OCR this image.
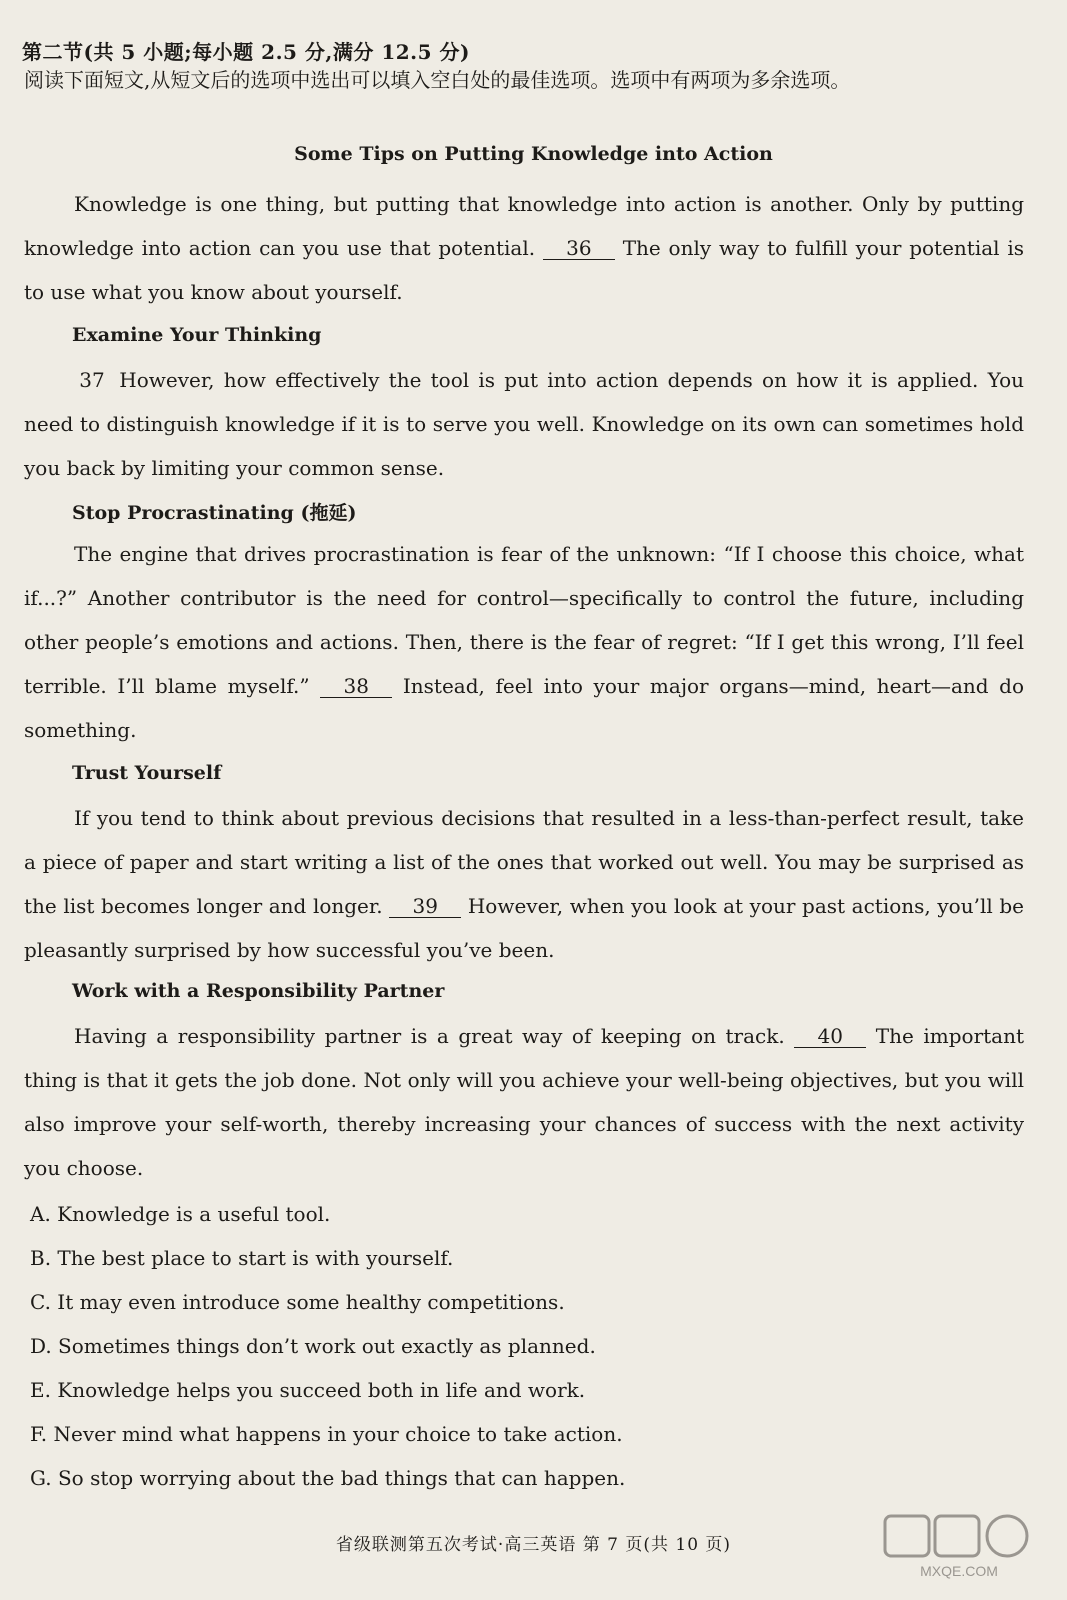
第二节(共 5 小题;每小题 2.5 分,满分 12.5 分)
阅读下面短文,从短文后的选项中选出可以填入空白处的最佳选项。选项中有两项为多余选项。
Some Tips on Putting Knowledge into Action

Knowledge is one thing, but putting that knowledge into action is another. Only by putting knowledge into action can you use that potential. 36 The only way to fulfill your potential is to use what you know about yourself.

Examine Your Thinking

37 However, how effectively the tool is put into action depends on how it is applied. You need to distinguish knowledge if it is to serve you well. Knowledge on its own can sometimes hold you back by limiting your common sense.

Stop Procrastinating (拖延)

The engine that drives procrastination is fear of the unknown: “If I choose this choice, what if...?” Another contributor is the need for control—specifically to control the future, including other people’s emotions and actions. Then, there is the fear of regret: “If I get this wrong, I’ll feel terrible. I’ll blame myself.” 38 Instead, feel into your major organs—mind, heart—and do something.

Trust Yourself

If you tend to think about previous decisions that resulted in a less-than-perfect result, take a piece of paper and start writing a list of the ones that worked out well. You may be surprised as the list becomes longer and longer. 39 However, when you look at your past actions, you’ll be pleasantly surprised by how successful you’ve been.

Work with a Responsibility Partner

Having a responsibility partner is a great way of keeping on track. 40 The important thing is that it gets the job done. Not only will you achieve your well-being objectives, but you will also improve your self-worth, thereby increasing your chances of success with the next activity you choose.

A. Knowledge is a useful tool.
B. The best place to start is with yourself.
C. It may even introduce some healthy competitions.
D. Sometimes things don’t work out exactly as planned.
E. Knowledge helps you succeed both in life and work.
F. Never mind what happens in your choice to take action.
G. So stop worrying about the bad things that can happen.
省级联测第五次考试·高三英语 第 7 页(共 10 页)
MXQE.COM
